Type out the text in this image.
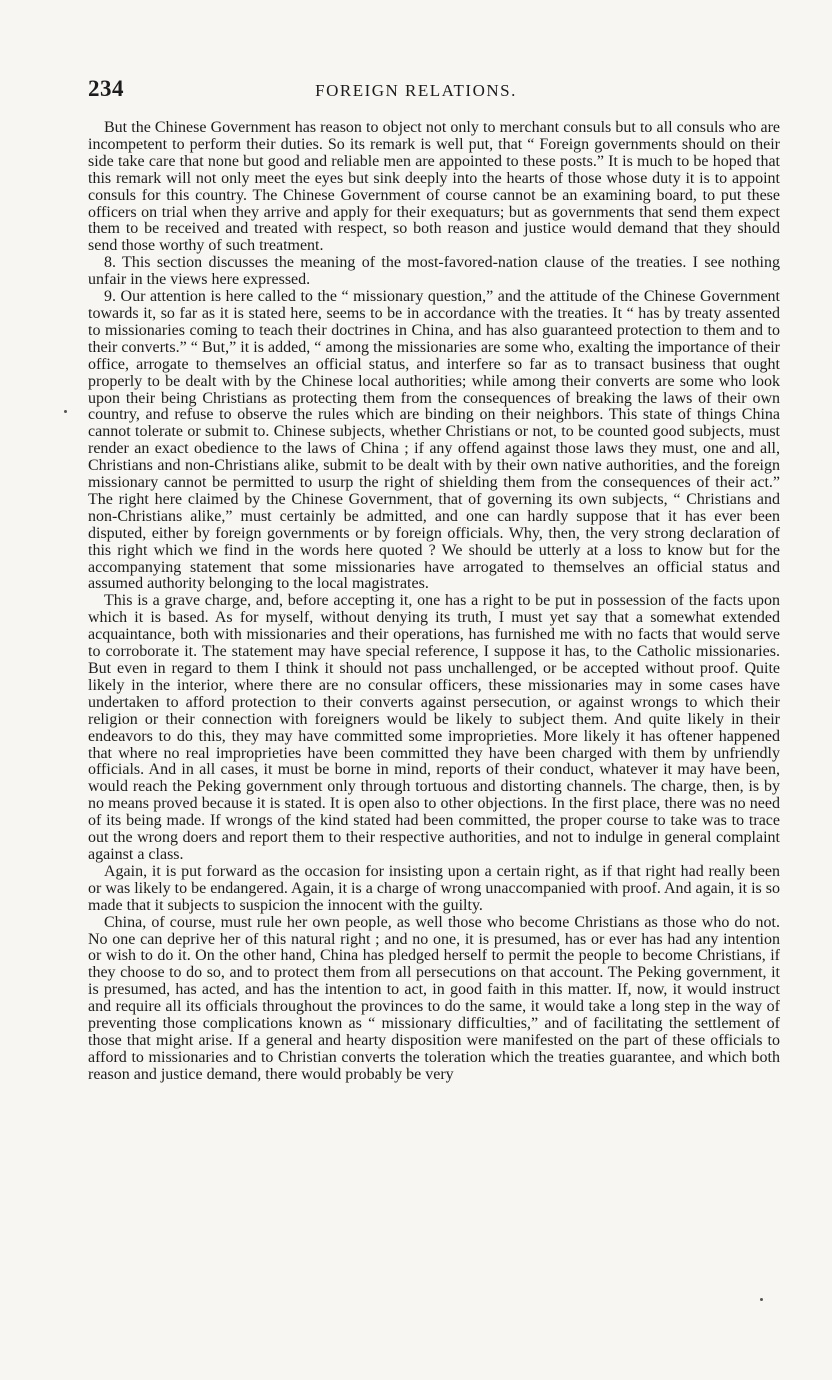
234	FOREIGN RELATIONS.

But the Chinese Government has reason to object not only to merchant consuls but to all consuls who are incompetent to perform their duties. So its remark is well put, that “ Foreign governments should on their side take care that none but good and reliable men are appointed to these posts.” It is much to be hoped that this remark will not only meet the eyes but sink deeply into the hearts of those whose duty it is to appoint consuls for this country. The Chinese Government of course cannot be an examining board, to put these officers on trial when they arrive and apply for their exequaturs; but as governments that send them expect them to be received and treated with respect, so both reason and justice would demand that they should send those worthy of such treatment.

8. This section discusses the meaning of the most-favored-nation clause of the treaties. I see nothing unfair in the views here expressed.

9. Our attention is here called to the “ missionary question,” and the attitude of the Chinese Government towards it, so far as it is stated here, seems to be in accordance with the treaties. It “ has by treaty assented to missionaries coming to teach their doctrines in China, and has also guaranteed protection to them and to their converts.” “ But,” it is added, “ among the missionaries are some who, exalting the importance of their office, arrogate to themselves an official status, and interfere so far as to transact business that ought properly to be dealt with by the Chinese local authorities; while among their converts are some who look upon their being Christians as protecting them from the consequences of breaking the laws of their own country, and refuse to observe the rules which are binding on their neighbors. This state of things China cannot tolerate or submit to. Chinese subjects, whether Christians or not, to be counted good subjects, must render an exact obedience to the laws of China ; if any offend against those laws they must, one and all, Christians and non-Christians alike, submit to be dealt with by their own native authorities, and the foreign missionary cannot be permitted to usurp the right of shielding them from the consequences of their act.” The right here claimed by the Chinese Government, that of governing its own subjects, “ Christians and non-Christians alike,” must certainly be admitted, and one can hardly suppose that it has ever been disputed, either by foreign governments or by foreign officials. Why, then, the very strong declaration of this right which we find in the words here quoted ? We should be utterly at a loss to know but for the accompanying statement that some missionaries have arrogated to themselves an official status and assumed authority belonging to the local magistrates.

This is a grave charge, and, before accepting it, one has a right to be put in possession of the facts upon which it is based. As for myself, without denying its truth, I must yet say that a somewhat extended acquaintance, both with missionaries and their operations, has furnished me with no facts that would serve to corroborate it. The statement may have special reference, I suppose it has, to the Catholic missionaries. But even in regard to them I think it should not pass unchallenged, or be accepted without proof. Quite likely in the interior, where there are no consular officers, these missionaries may in some cases have undertaken to afford protection to their converts against persecution, or against wrongs to which their religion or their connection with foreigners would be likely to subject them. And quite likely in their endeavors to do this, they may have committed some improprieties. More likely it has oftener happened that where no real improprieties have been committed they have been charged with them by unfriendly officials. And in all cases, it must be borne in mind, reports of their conduct, whatever it may have been, would reach the Peking government only through tortuous and distorting channels. The charge, then, is by no means proved because it is stated. It is open also to other objections. In the first place, there was no need of its being made. If wrongs of the kind stated had been committed, the proper course to take was to trace out the wrong doers and report them to their respective authorities, and not to indulge in general complaint against a class.

Again, it is put forward as the occasion for insisting upon a certain right, as if that right had really been or was likely to be endangered. Again, it is a charge of wrong unaccompanied with proof. And again, it is so made that it subjects to suspicion the innocent with the guilty.

China, of course, must rule her own people, as well those who become Christians as those who do not. No one can deprive her of this natural right ; and no one, it is presumed, has or ever has had any intention or wish to do it. On the other hand, China has pledged herself to permit the people to become Christians, if they choose to do so, and to protect them from all persecutions on that account. The Peking government, it is presumed, has acted, and has the intention to act, in good faith in this matter. If, now, it would instruct and require all its officials throughout the provinces to do the same, it would take a long step in the way of preventing those complications known as “ missionary difficulties,” and of facilitating the settlement of those that might arise. If a general and hearty disposition were manifested on the part of these officials to afford to missionaries and to Christian converts the toleration which the treaties guarantee, and which both reason and justice demand, there would probably be very
